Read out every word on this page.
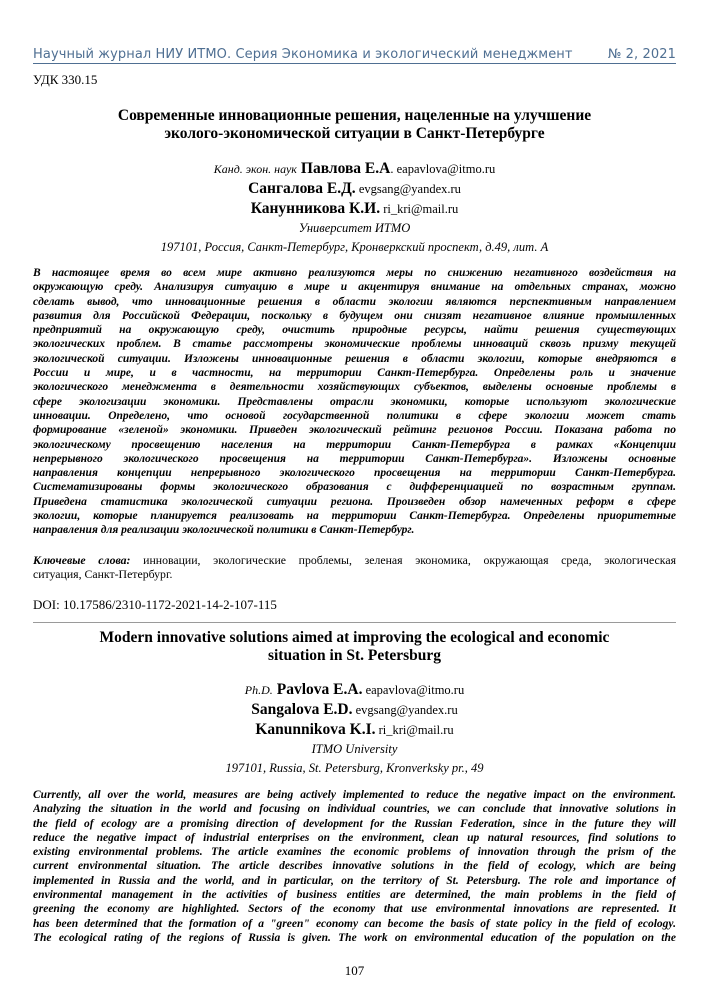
Научный журнал НИУ ИТМО. Серия Экономика и экологический менеджмент	№ 2, 2021
УДК 330.15
Современные инновационные решения, нацеленные на улучшение
эколого-экономической ситуации в Санкт-Петербурге
Канд. экон. наук Павлова Е.А. eapavlova@itmo.ru
Сангалова Е.Д. evgsang@yandex.ru
Канунникова К.И. ri_kri@mail.ru
Университет ИТМО
197101, Россия, Санкт-Петербург, Кронверкский проспект, д.49, лит. А
В настоящее время во всем мире активно реализуются меры по снижению негативного воздействия на
окружающую среду. Анализируя ситуацию в мире и акцентируя внимание на отдельных странах, можно
сделать вывод, что инновационные решения в области экологии являются перспективным направлением
развития для Российской Федерации, поскольку в будущем они снизят негативное влияние промышленных
предприятий на окружающую среду, очистить природные ресурсы, найти решения существующих
экологических проблем. В статье рассмотрены экономические проблемы инноваций сквозь призму текущей
экологической ситуации. Изложены инновационные решения в области экологии, которые внедряются в
России и мире, и в частности, на территории Санкт-Петербурга. Определены роль и значение
экологического менеджмента в деятельности хозяйствующих субъектов, выделены основные проблемы в
сфере экологизации экономики. Представлены отрасли экономики, которые используют экологические
инновации. Определено, что основой государственной политики в сфере экологии может стать
формирование «зеленой» экономики. Приведен экологический рейтинг регионов России. Показана работа по
экологическому просвещению населения на территории Санкт-Петербурга в рамках «Концепции
непрерывного экологического просвещения на территории Санкт-Петербурга». Изложены основные
направления концепции непрерывного экологического просвещения на территории Санкт-Петербурга.
Систематизированы формы экологического образования с дифференциацией по возрастным группам.
Приведена статистика экологической ситуации региона. Произведен обзор намеченных реформ в сфере
экологии, которые планируется реализовать на территории Санкт-Петербурга. Определены приоритетные
направления для реализации экологической политики в Санкт-Петербург.
Ключевые слова: инновации, экологические проблемы, зеленая экономика, окружающая среда, экологическая
ситуация, Санкт-Петербург.
DOI: 10.17586/2310-1172-2021-14-2-107-115
Modern innovative solutions aimed at improving the ecological and economic
situation in St. Petersburg
Ph.D. Pavlova E.A. eapavlova@itmo.ru
Sangalova E.D. evgsang@yandex.ru
Kanunnikova K.I. ri_kri@mail.ru
ITMO University
197101, Russia, St. Petersburg, Kronverksky pr., 49
Currently, all over the world, measures are being actively implemented to reduce the negative impact on the environment.
Analyzing the situation in the world and focusing on individual countries, we can conclude that innovative solutions in
the field of ecology are a promising direction of development for the Russian Federation, since in the future they will
reduce the negative impact of industrial enterprises on the environment, clean up natural resources, find solutions to
existing environmental problems. The article examines the economic problems of innovation through the prism of the
current environmental situation. The article describes innovative solutions in the field of ecology, which are being
implemented in Russia and the world, and in particular, on the territory of St. Petersburg. The role and importance of
environmental management in the activities of business entities are determined, the main problems in the field of
greening the economy are highlighted. Sectors of the economy that use environmental innovations are represented. It
has been determined that the formation of a "green" economy can become the basis of state policy in the field of ecology.
The ecological rating of the regions of Russia is given. The work on environmental education of the population on the
107
